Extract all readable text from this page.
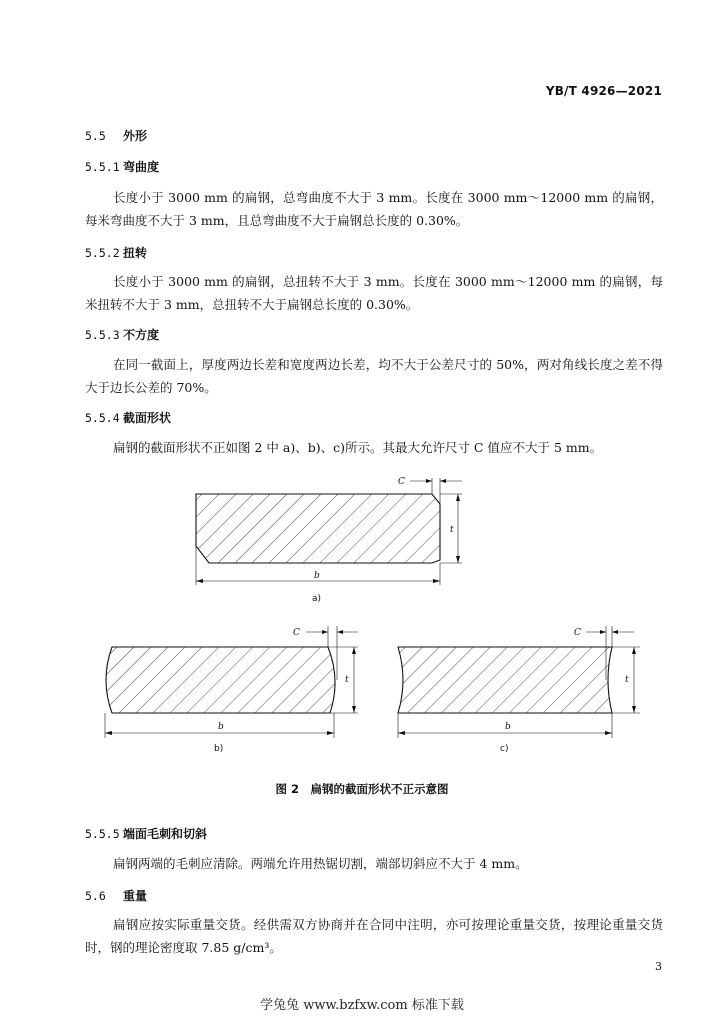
YB/T 4926—2021
5.5 外形
5.5.1 弯曲度
长度小于 3000 mm 的扁钢，总弯曲度不大于 3 mm。长度在 3000 mm～12000 mm 的扁钢，每米弯曲度不大于 3 mm，且总弯曲度不大于扁钢总长度的 0.30%。
5.5.2 扭转
长度小于 3000 mm 的扁钢，总扭转不大于 3 mm。长度在 3000 mm～12000 mm 的扁钢，每米扭转不大于 3 mm，总扭转不大于扁钢总长度的 0.30%。
5.5.3 不方度
在同一截面上，厚度两边长差和宽度两边长差，均不大于公差尺寸的 50%，两对角线长度之差不得大于边长公差的 70%。
5.5.4 截面形状
扁钢的截面形状不正如图 2 中 a)、b)、c)所示。其最大允许尺寸 C 值应不大于 5 mm。
C
t
b
C
t
b
C
t
b
a)
b)	c)
图 2　扁钢的截面形状不正示意图
5.5.5 端面毛刺和切斜
扁钢两端的毛刺应清除。两端允许用热锯切割，端部切斜应不大于 4 mm。
5.6 重量
扁钢应按实际重量交货。经供需双方协商并在合同中注明，亦可按理论重量交货，按理论重量交货时，钢的理论密度取 7.85 g/cm³。
3
学兔兔 www.bzfxw.com 标准下载
